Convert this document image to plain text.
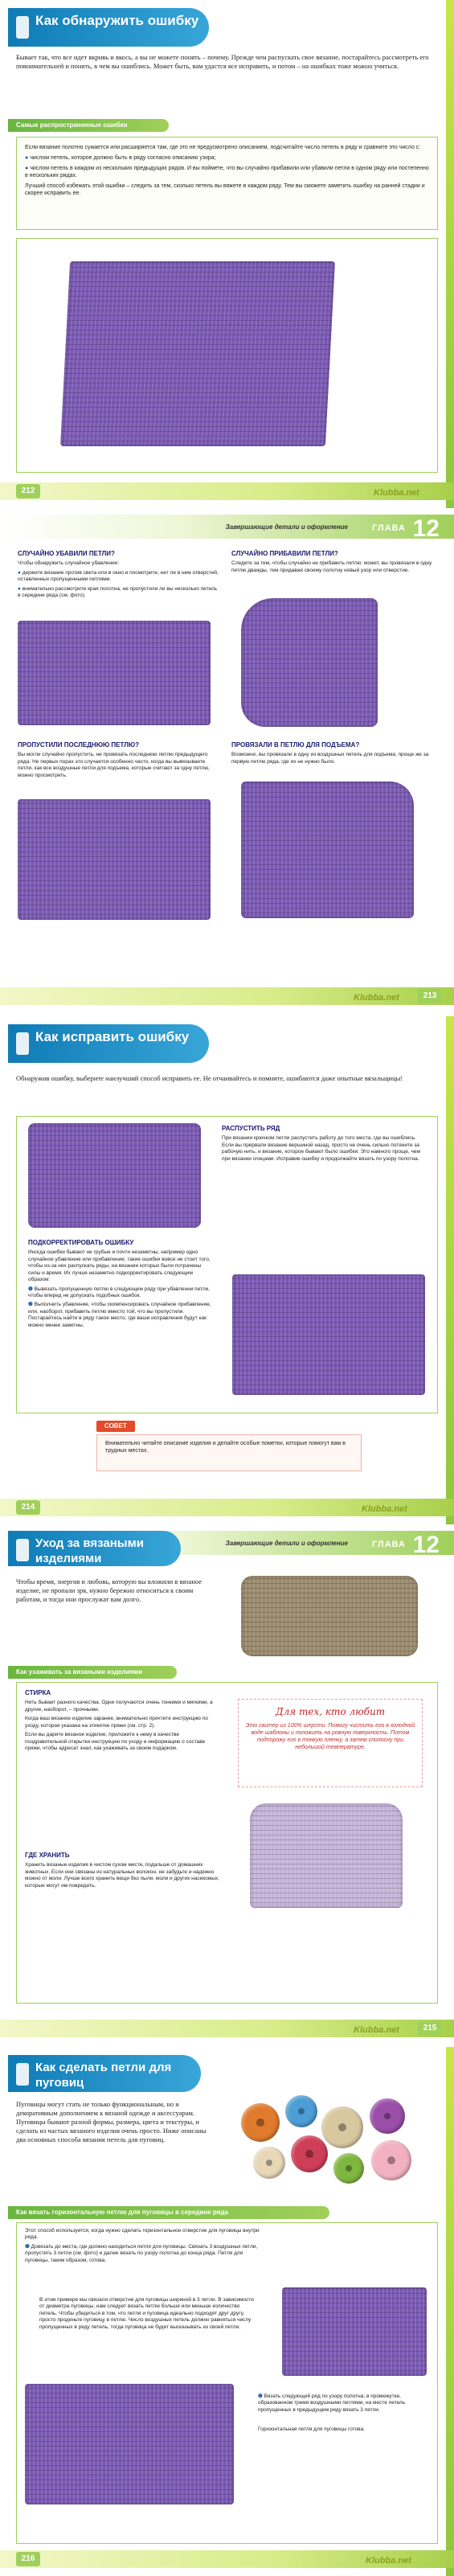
Как обнаружить ошибку

Бывает так, что все идет вкривь и вкось, а вы не можете понять – почему. Прежде чем распускать свое вязание, постарайтесь рассмотреть его повнимательней и понять, в чем вы ошиблись. Может быть, вам удастся все исправить, и потом – на ошибках тоже можно учиться.

Самые распространенные ошибки

Если вязание полотно сужается или расширяется там, где это не предусмотрено описанием, подсчитайте число петель в ряду и сравните это число с:

● числом петель, которое должно быть в ряду согласно описанию узора;

● числом петель в каждом из нескольких предыдущих рядов. И вы поймете, что вы случайно прибавили или убавили петли в одном ряду или постепенно в нескольких рядах.

Лучший способ избежать этой ошибки – следить за тем, сколько петель вы вяжете в каждом ряду. Тем вы сможете заметить ошибку на ранней стадии и скорее исправить ее.

212	Klubba.net
Завершающие детали и оформление	ГЛАВА 12
СЛУЧАЙНО УБАВИЛИ ПЕТЛИ?

Чтобы обнаружить случайное убавление:

● держите вязание против света или в окно и посмотрите, нет ли в нем отверстий, оставленных пропущенными петлями.

● внимательно рассмотрите края полотна, не пропустили ли вы несколько петель в середине ряда (см. фото).

СЛУЧАЙНО ПРИБАВИЛИ ПЕТЛИ?

Следите за тем, чтобы случайно не прибавить петлю: может, вы провязали в одну петлю дважды, тем придавая своему полотну новый узор или отверстие.

ПРОПУСТИЛИ ПОСЛЕДНЮЮ ПЕТЛЮ?

Вы могли случайно пропустить, не провязать последнюю петлю предыдущего ряда. Не первых порах это случается особенно часто, когда вы вывязываете петли, как все воздушные петли для подъема, которые считают за одну петлю, можно просмотреть.

ПРОВЯЗАЛИ В ПЕТЛЮ ДЛЯ ПОДЪЕМА?

Возможно, вы провязали в одну из воздушных петель для подъема; проще же за первую петлю ряда, где их не нужно было.

213
Klubba.net
Как исправить ошибку

Обнаружив ошибку, выберите наилучший способ исправить ее. Не отчаивайтесь и помните, ошибаются даже опытные вязальщицы!

РАСПУСТИТЬ РЯД

При вязании крючком петли распустить работу до того места, где вы ошиблись. Если вы прервали вязание вершиной назад, просто не очень сильно потяните за рабочую нить, и вязание, которое бывают было ошибки. Это намного проще, чем при вязании спицами. Исправив ошибку и продолжайте вязать по узору полотна.

ПОДКОРРЕКТИРОВАТЬ ОШИБКУ

Иногда ошибки бывают не грубые и почти незаметны, например одно случайное убавление или прибавление; такие ошибки вовсе не стоит того, чтобы из-за них распускать ряды, на вязании которых были потрачены силы и время. Их лучше незаметно подкорректировать следующим образом:

❶ Вывязать пропущенную петлю в следующем ряду при убавлении петли, чтобы вперед не допускать подобных ошибок.

❷ Выполнить убавление, чтобы скомпенсировать случайное прибавление, или, наоборот, прибавить петлю вместо той, что вы пропустили. Постарайтесь найти в ряду такое место, где ваши исправления будут как можно менее заметны.

СОВЕТ
Внимательно читайте описание изделия и делайте особые пометки, которые помогут вам в трудных местах.
214	Klubba.net
Завершающие детали и оформление	ГЛАВА 12
Уход за вязаными изделиями

Чтобы время, энергия и любовь, которую вы вложили в вязаное изделие, не пропали зря, нужно бережно относиться к своим работам, и тогда они прослужат вам долго.

Как ухаживать за вязаными изделиями
СТИРКА

Нить бывает разного качества. Одни получаются очень тонкими и мягкими, а другие, наоборот, – прочными.

Когда ваш вязаное изделие заранее, внимательно прочтите инструкцию по уходу, которая указана на этикетке пряжи (см. стр. 2).

Если вы дарите вязаное изделие, приложите к нему в качестве поздравительной открытки инструкцию по уходу и информацию о составе пряжи, чтобы адресат знал, как ухаживать за своим подарком.

ГДЕ ХРАНИТЬ

Хранить вязаные изделия в чистом сухом месте, подальше от домашних животных. Если они связаны из натуральных волокон, не забудьте и надежно можно от моли. Лучше всего хранить вещи без пыли, моли и других насекомых, которые могут им повредить.

Для тех, кто любит
Это свитер из 100% шерсти. Помогу чистить его в холодной воде шаблоны и положить на ровную поверхность. Потом подпорожу его в тонкую пленку, а затем сполосну при небольшой температуре.
215
Klubba.net
Как сделать петли для пуговиц

Пуговицы могут стать не только функциональным, но и декоративным дополнением к вязаной одежде и аксессуарам. Пуговицы бывают разной формы, размера, цвета и текстуры, и сделать из частых вязаного изделия очень просто. Ниже описаны два основных способа вязания петель для пуговиц.

Как вязать горизонтальную петлю для пуговицы в середине ряда

Этот способ используется, когда нужно сделать горизонтальное отверстие для пуговицы внутри ряда.

❶ Довязать до места, где должно находиться петля для пуговицы. Связать 3 воздушных петли, пропустить 3 петли (см. фото) и далее вязать по узору полотна до конца ряда. Петля для пуговицы, таким образом, готова.

В этом примере мы связали отверстие для пуговицы шириной в 3 петли. В зависимости от диаметра пуговицы, нам следует вязать петлю больше или меньше количество петель. Чтобы убедиться в том, что петля и пуговица идеально подходят друг другу, просто проденьте пуговицу в петлю. Число воздушных петель должно равняться числу пропущенных в ряду петель, тогда пуговица не будет высказывать из своей петли.

❷ Вязать следующий ряд по узору полотна; в промежутке, образованном тремя воздушными петлями, на месте петель пропущенных в предыдущем ряду вязать 3 петли.

Горизонтальная петля для пуговицы готова.

216	Klubba.net
